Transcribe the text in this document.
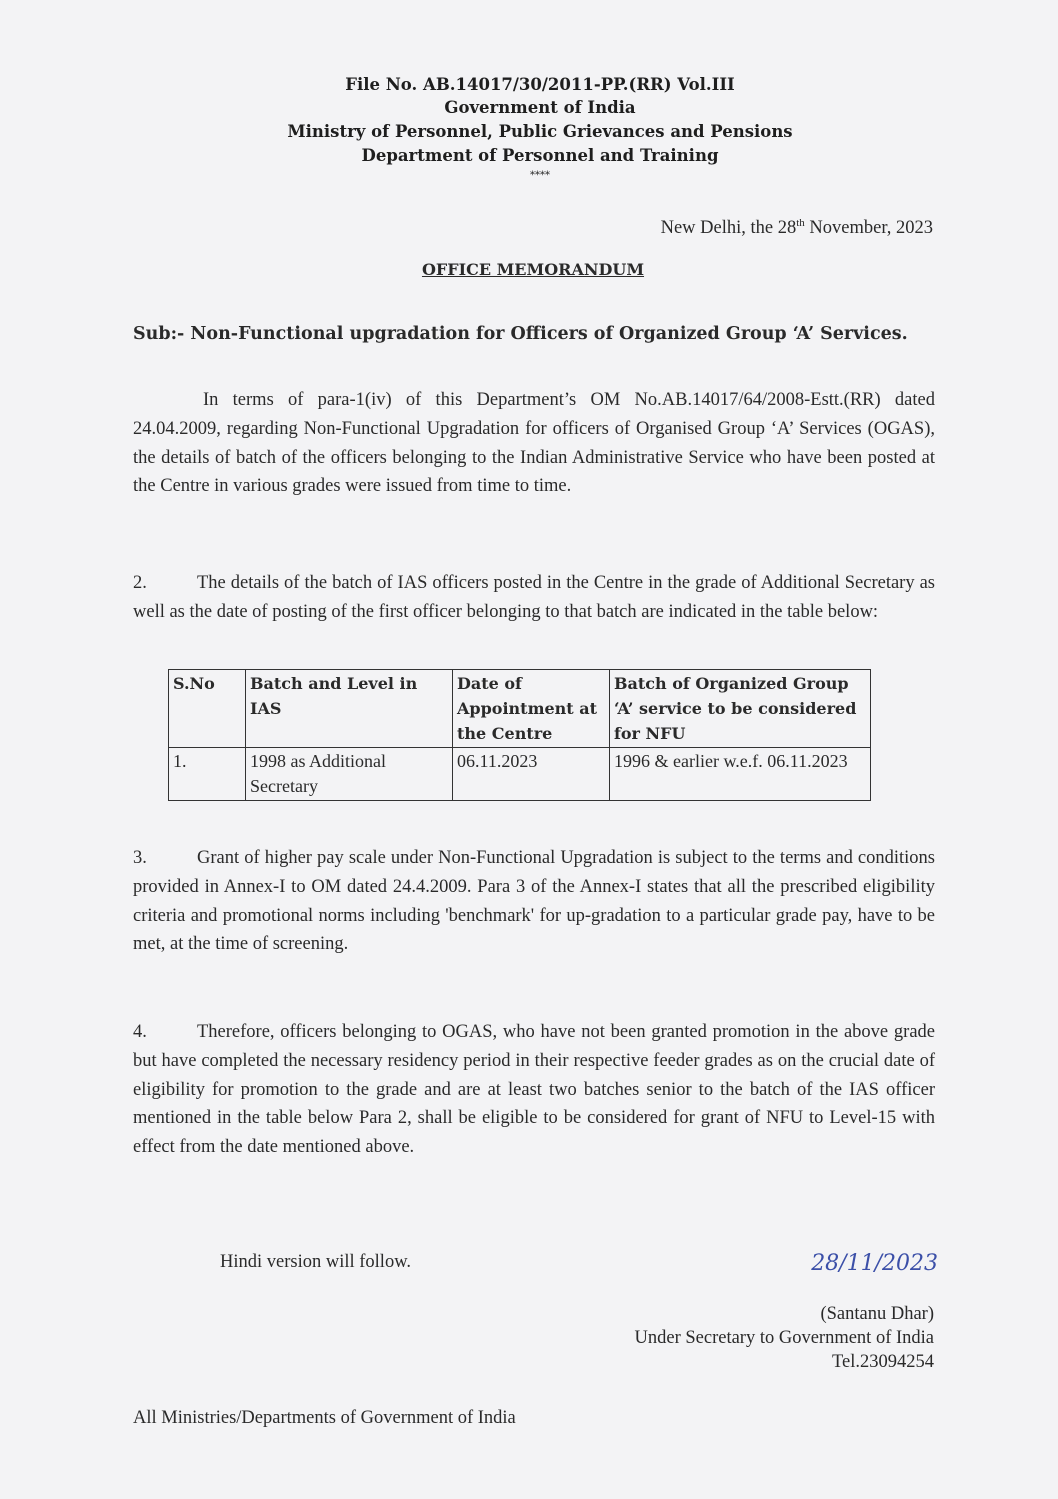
File No. AB.14017/30/2011-PP.(RR) Vol.III
Government of India
Ministry of Personnel, Public Grievances and Pensions
Department of Personnel and Training
****
New Delhi, the 28th November, 2023
OFFICE MEMORANDUM
Sub:- Non-Functional upgradation for Officers of Organized Group ‘A’ Services.
In terms of para-1(iv) of this Department’s OM No.AB.14017/64/2008-Estt.(RR) dated 24.04.2009, regarding Non-Functional Upgradation for officers of Organised Group ‘A’ Services (OGAS), the details of batch of the officers belonging to the Indian Administrative Service who have been posted at the Centre in various grades were issued from time to time.
2.	The details of the batch of IAS officers posted in the Centre in the grade of Additional Secretary as well as the date of posting of the first officer belonging to that batch are indicated in the table below:
S.No	Batch and Level in IAS	Date of Appointment at the Centre	Batch of Organized Group ‘A’ service to be considered for NFU
1.	1998 as Additional Secretary	06.11.2023	1996 & earlier w.e.f. 06.11.2023
3.	Grant of higher pay scale under Non-Functional Upgradation is subject to the terms and conditions provided in Annex-I to OM dated 24.4.2009. Para 3 of the Annex-I states that all the prescribed eligibility criteria and promotional norms including 'benchmark' for up-gradation to a particular grade pay, have to be met, at the time of screening.
4.	Therefore, officers belonging to OGAS, who have not been granted promotion in the above grade but have completed the necessary residency period in their respective feeder grades as on the crucial date of eligibility for promotion to the grade and are at least two batches senior to the batch of the IAS officer mentioned in the table below Para 2, shall be eligible to be considered for grant of NFU to Level-15 with effect from the date mentioned above.
Hindi version will follow.	28/11/2023
(Santanu Dhar)
Under Secretary to Government of India
Tel.23094254
All Ministries/Departments of Government of India
